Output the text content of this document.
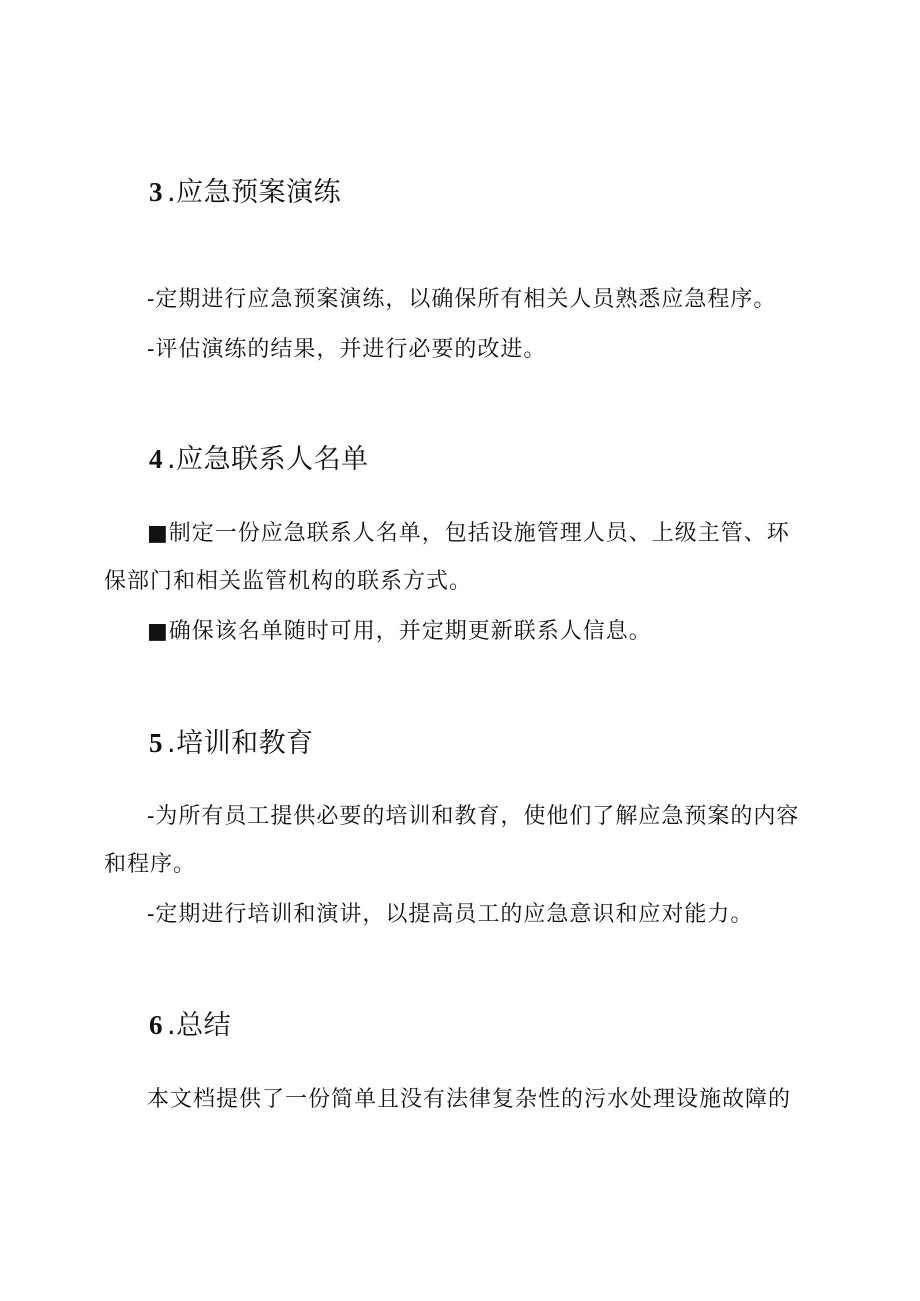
3 .应急预案演练

-定期进行应急预案演练，以确保所有相关人员熟悉应急程序。

-评估演练的结果，并进行必要的改进。

4 .应急联系人名单

■制定一份应急联系人名单，包括设施管理人员、上级主管、环

保部门和相关监管机构的联系方式。

■确保该名单随时可用，并定期更新联系人信息。

5 .培训和教育

-为所有员工提供必要的培训和教育，使他们了解应急预案的内容

和程序。

-定期进行培训和演讲，以提高员工的应急意识和应对能力。

6 .总结

本文档提供了一份简单且没有法律复杂性的污水处理设施故障的
